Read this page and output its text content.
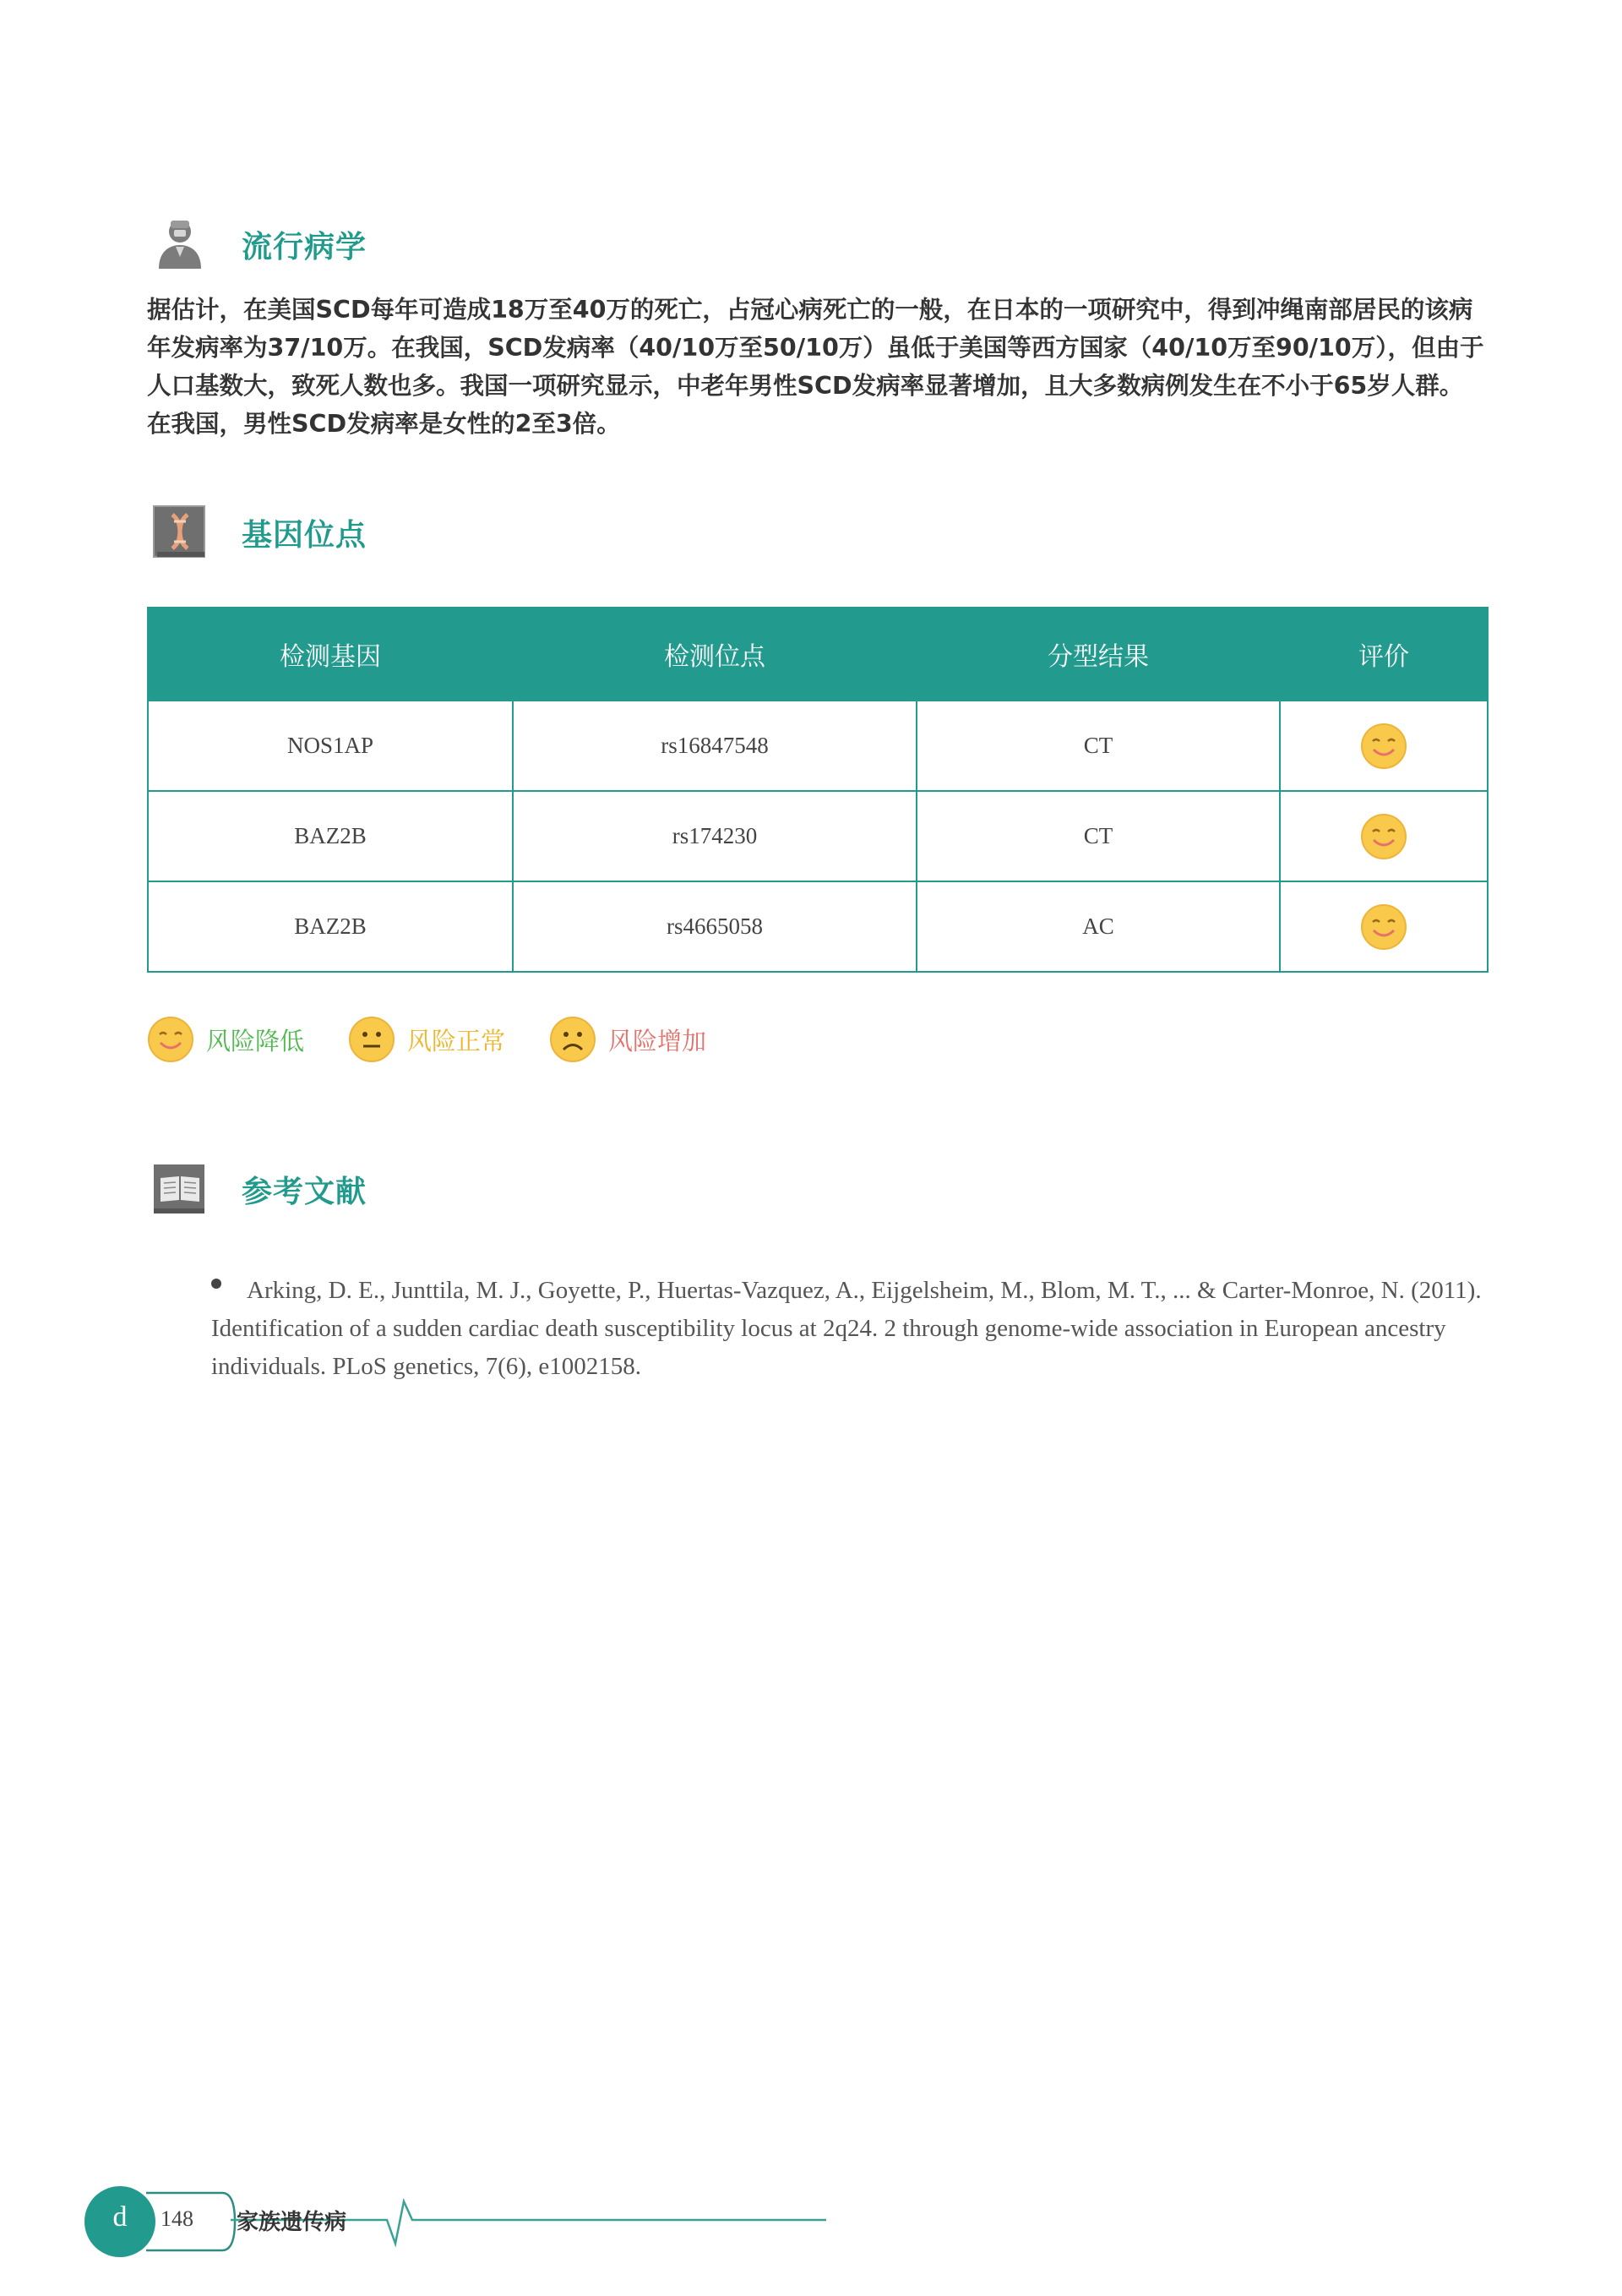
流行病学

据估计，在美国SCD每年可造成18万至40万的死亡，占冠心病死亡的一般，在日本的一项研究中，得到冲绳南部居民的该病年发病率为37/10万。在我国，SCD发病率（40/10万至50/10万）虽低于美国等西方国家（40/10万至90/10万），但由于人口基数大，致死人数也多。我国一项研究显示，中老年男性SCD发病率显著增加，且大多数病例发生在不小于65岁人群。在我国，男性SCD发病率是女性的2至3倍。

基因位点
检测基因	检测位点	分型结果	评价
NOS1AP	rs16847548	CT	
BAZ2B	rs174230	CT	
BAZ2B	rs4665058	AC	
风险降低	风险正常	风险增加
参考文献
Arking, D. E., Junttila, M. J., Goyette, P., Huertas-Vazquez, A., Eijgelsheim, M., Blom, M. T., ... & Carter-Monroe, N. (2011). Identification of a sudden cardiac death susceptibility locus at 2q24. 2 through genome-wide association in European ancestry individuals. PLoS genetics, 7(6), e1002158.
d	148 家族遗传病
